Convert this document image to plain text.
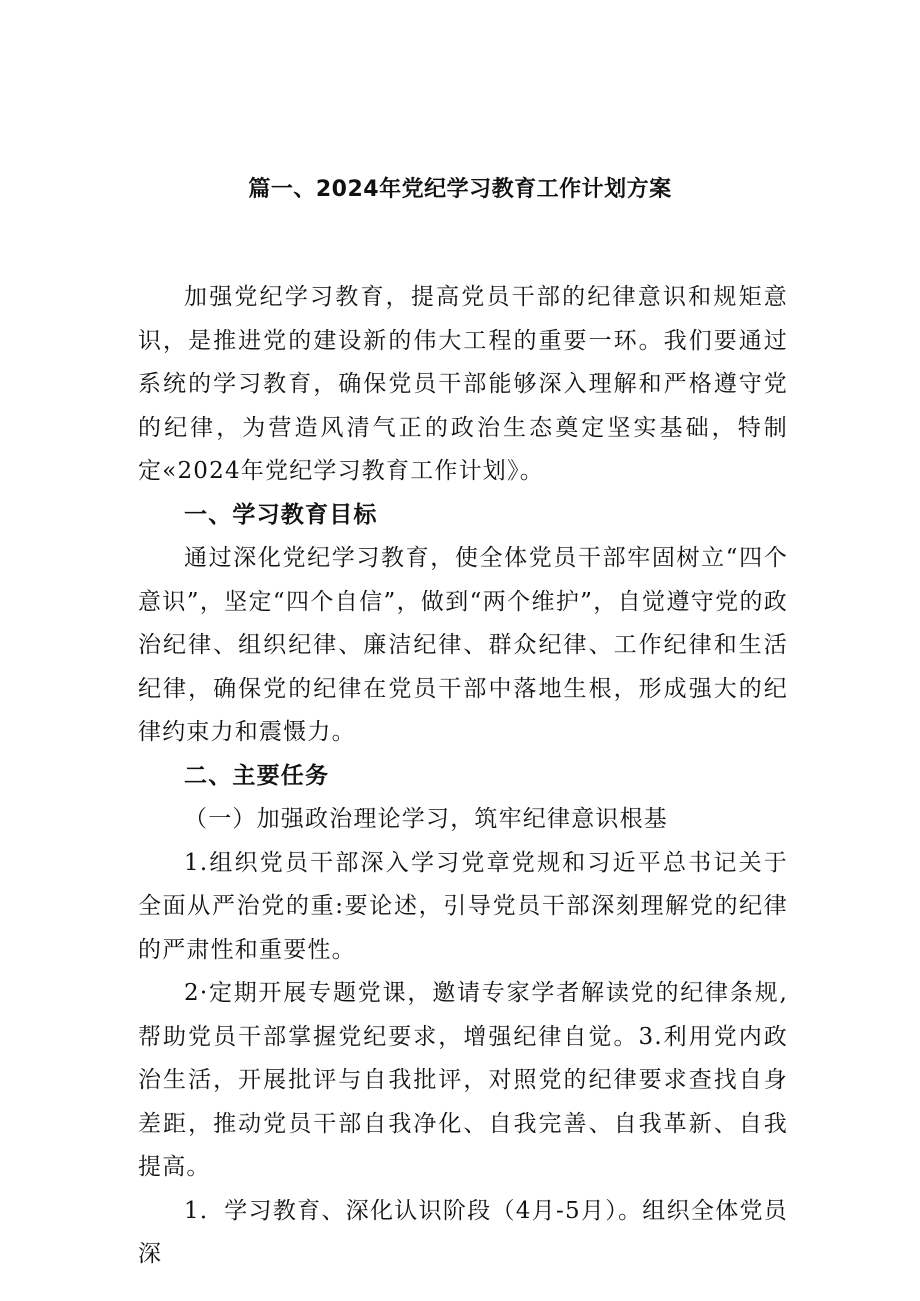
篇一、2024年党纪学习教育工作计划方案

加强党纪学习教育，提高党员干部的纪律意识和规矩意识，是推进党的建设新的伟大工程的重要一环。我们要通过系统的学习教育，确保党员干部能够深入理解和严格遵守党的纪律，为营造风清气正的政治生态奠定坚实基础，特制定«2024年党纪学习教育工作计划》。

一、学习教育目标

通过深化党纪学习教育，使全体党员干部牢固树立“四个意识”，坚定“四个自信”，做到“两个维护”，自觉遵守党的政治纪律、组织纪律、廉洁纪律、群众纪律、工作纪律和生活纪律，确保党的纪律在党员干部中落地生根，形成强大的纪律约束力和震慑力。

二、主要任务

（一）加强政治理论学习，筑牢纪律意识根基

1.组织党员干部深入学习党章党规和习近平总书记关于全面从严治党的重:要论述，引导党员干部深刻理解党的纪律的严肃性和重要性。

2·定期开展专题党课，邀请专家学者解读党的纪律条规,帮助党员干部掌握党纪要求，增强纪律自觉。3.利用党内政治生活，开展批评与自我批评，对照党的纪律要求查找自身差距，推动党员干部自我净化、自我完善、自我革新、自我提高。

1．学习教育、深化认识阶段（4月-5月）。组织全体党员深
